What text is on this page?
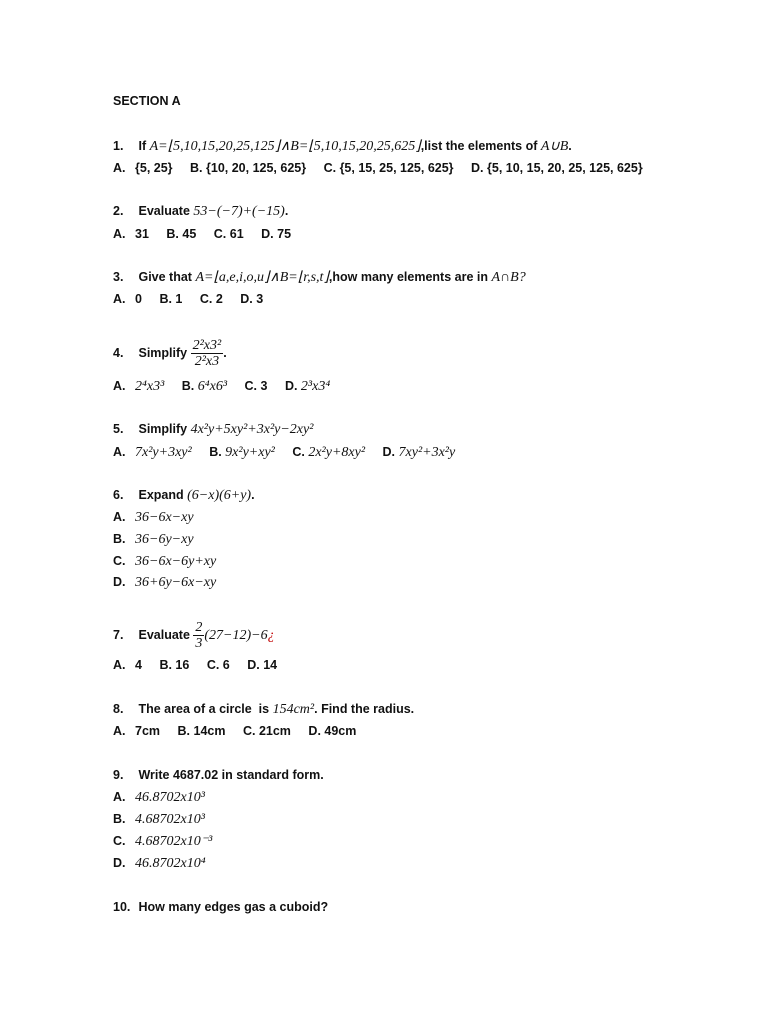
SECTION A
1. If A=⌊5,10,15,20,25,125⌋∧B=⌊5,10,15,20,25,625⌋,list the elements of A∪B.
A. {5, 25} B. {10, 20, 125, 625} C. {5, 15, 25, 125, 625} D. {5, 10, 15, 20, 25, 125, 625}
2. Evaluate 53−(−7)+(−15).
A. 31 B. 45 C. 61 D. 75
3. Give that A=⌊a,e,i,o,u⌋∧B=⌊r,s,t⌋,how many elements are in A∩B?
A. 0 B. 1 C. 2 D. 3
4. Simplify $\frac{\text{2²x3²}}{\text{2²x3}}$ .
A. 2⁴x3³ B. 6⁴x6³ C. 3 D. 2³x3⁴
5. Simplify 4x²y+5xy²+3x²y−2xy²
A. 7x²y+3xy² B. 9x²y+xy² C. 2x²y+8xy² D. 7xy²+3x²y
6. Expand (6−x)(6+y).
A. 36−6x−xy
B. 36−6y−xy
C. 36−6x−6y+xy
D. 36+6y−6x−xy
7. Evaluate $\frac{2}{3}$ (27−12)−6¿
A. 4 B. 16 C. 6 D. 14
8. The area of a circle  is 154cm². Find the radius.
A. 7cm B. 14cm C. 21cm D. 49cm
9. Write 4687.02 in standard form.
A. 46.8702x10³
B. 4.68702x10³
C. 4.68702x10⁻³
D. 46.8702x10⁴
10. How many edges gas a cuboid?
